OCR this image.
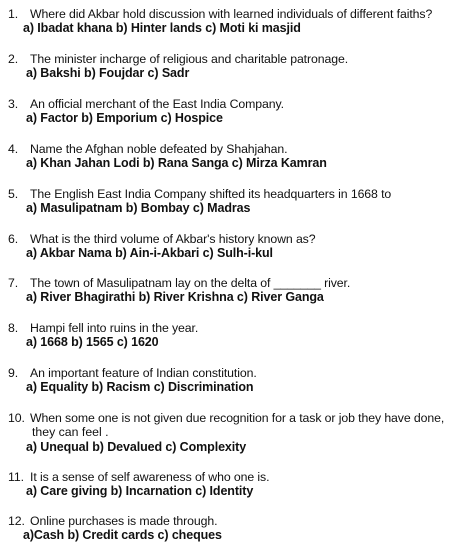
1. Where did Akbar hold discussion with learned individuals of different faiths?
a) Ibadat khana b) Hinter lands c) Moti ki masjid
2. The minister incharge of religious and charitable patronage.
a) Bakshi b) Foujdar c) Sadr
3. An official merchant of the East India Company.
a) Factor b) Emporium c) Hospice
4. Name the Afghan noble defeated by Shahjahan.
a) Khan Jahan Lodi b) Rana Sanga c) Mirza Kamran
5. The English East India Company shifted its headquarters in 1668 to
a) Masulipatnam b) Bombay c) Madras
6. What is the third volume of Akbar's history known as?
a) Akbar Nama b) Ain-i-Akbari c) Sulh-i-kul
7. The town of Masulipatnam lay on the delta of _______ river.
a) River Bhagirathi b) River Krishna c) River Ganga
8. Hampi fell into ruins in the year.
a) 1668 b) 1565 c) 1620
9. An important feature of Indian constitution.
a) Equality b) Racism c) Discrimination
10. When some one is not given due recognition for a task or job they have done,
they can feel .
a) Unequal b) Devalued c) Complexity
11. It is a sense of self awareness of who one is.
a) Care giving b) Incarnation c) Identity
12. Online purchases is made through.
a)Cash b) Credit cards c) cheques
